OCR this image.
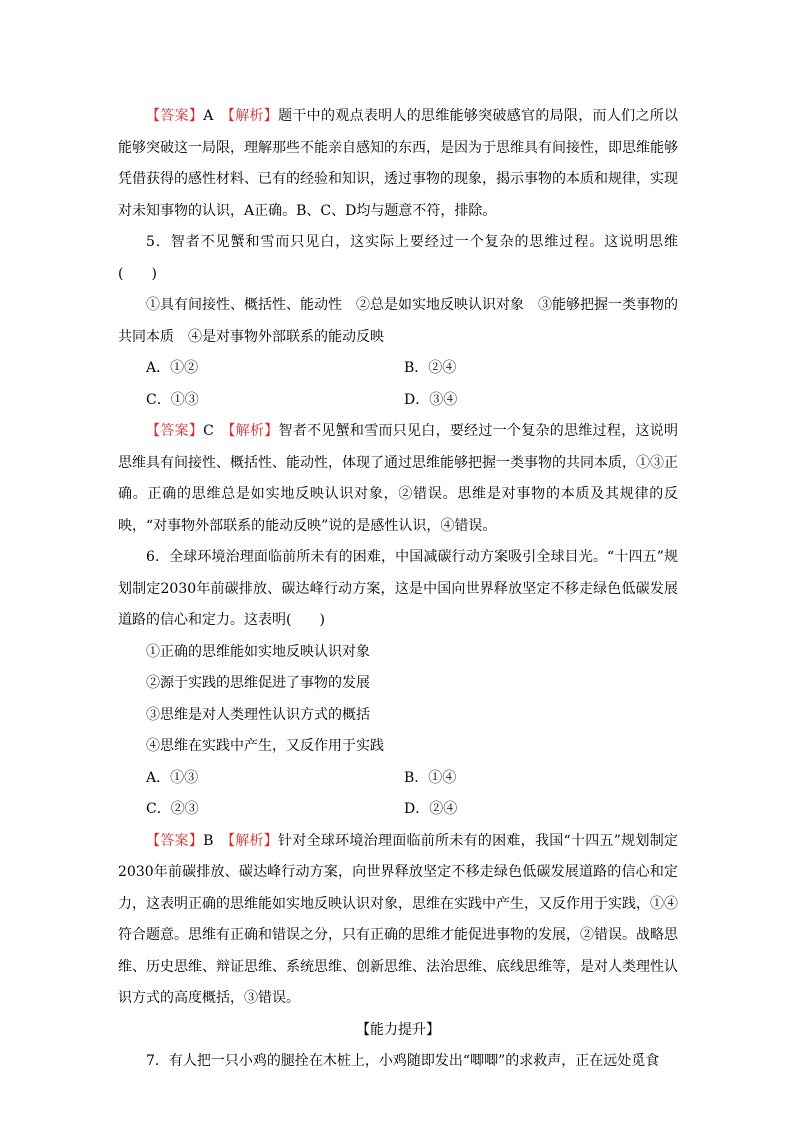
【答案】A　 【解析】题干中的观点表明人的思维能够突破感官的局限，而人们之所以能够突破这一局限，理解那些不能亲自感知的东西，是因为于思维具有间接性，即思维能够凭借获得的感性材料、已有的经验和知识，透过事物的现象，揭示事物的本质和规律，实现对未知事物的认识，A正确。B、C、D均与题意不符，排除。

5．智者不见蟹和雪而只见白，这实际上要经过一个复杂的思维过程。这说明思维(　　)

①具有间接性、概括性、能动性　②总是如实地反映认识对象　③能够把握一类事物的共同本质　④是对事物外部联系的能动反映

A．①②	B．②④
C．①③	D．③④

【答案】C　 【解析】智者不见蟹和雪而只见白，要经过一个复杂的思维过程，这说明思维具有间接性、概括性、能动性，体现了通过思维能够把握一类事物的共同本质，①③正确。正确的思维总是如实地反映认识对象，②错误。思维是对事物的本质及其规律的反映，“对事物外部联系的能动反映”说的是感性认识，④错误。

6．全球环境治理面临前所未有的困难，中国减碳行动方案吸引全球目光。“十四五”规划制定2030年前碳排放、碳达峰行动方案，这是中国向世界释放坚定不移走绿色低碳发展道路的信心和定力。这表明(　　)

①正确的思维能如实地反映认识对象

②源于实践的思维促进了事物的发展

③思维是对人类理性认识方式的概括

④思维在实践中产生，又反作用于实践

A．①③	B．①④
C．②③	D．②④

【答案】B　 【解析】针对全球环境治理面临前所未有的困难，我国“十四五”规划制定2030年前碳排放、碳达峰行动方案，向世界释放坚定不移走绿色低碳发展道路的信心和定力，这表明正确的思维能如实地反映认识对象，思维在实践中产生，又反作用于实践，①④符合题意。思维有正确和错误之分，只有正确的思维才能促进事物的发展，②错误。战略思维、历史思维、辩证思维、系统思维、创新思维、法治思维、底线思维等，是对人类理性认识方式的高度概括，③错误。

【能力提升】

7．有人把一只小鸡的腿拴在木桩上，小鸡随即发出“唧唧”的求救声，正在远处觅食
